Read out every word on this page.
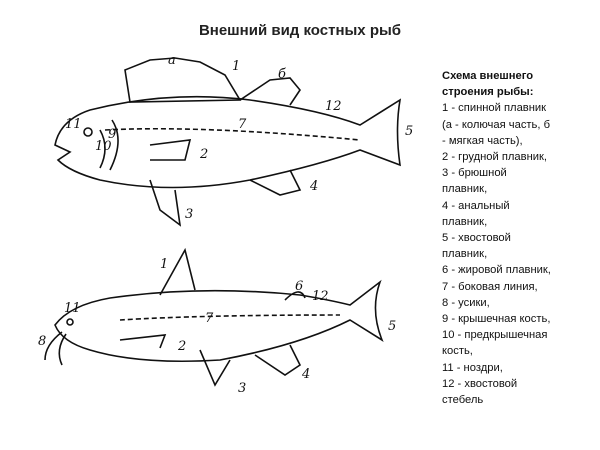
Внешний вид костных рыб
а	1
б
12
5
7
2
4
3
9
10
11
1
6
12
5
7
2
4
3
11
8
Схема внешнего
строения рыбы:
1 - спинной плавник
(а - колючая часть, б
- мягкая часть),
2 - грудной плавник,
3 - брюшной
плавник,
4 - анальный
плавник,
5 - хвостовой
плавник,
6 - жировой плавник,
7 - боковая линия,
8 - усики,
9 - крышечная кость,
10 - предкрышечная
кость,
11 - ноздри,
12 - хвостовой
стебель
